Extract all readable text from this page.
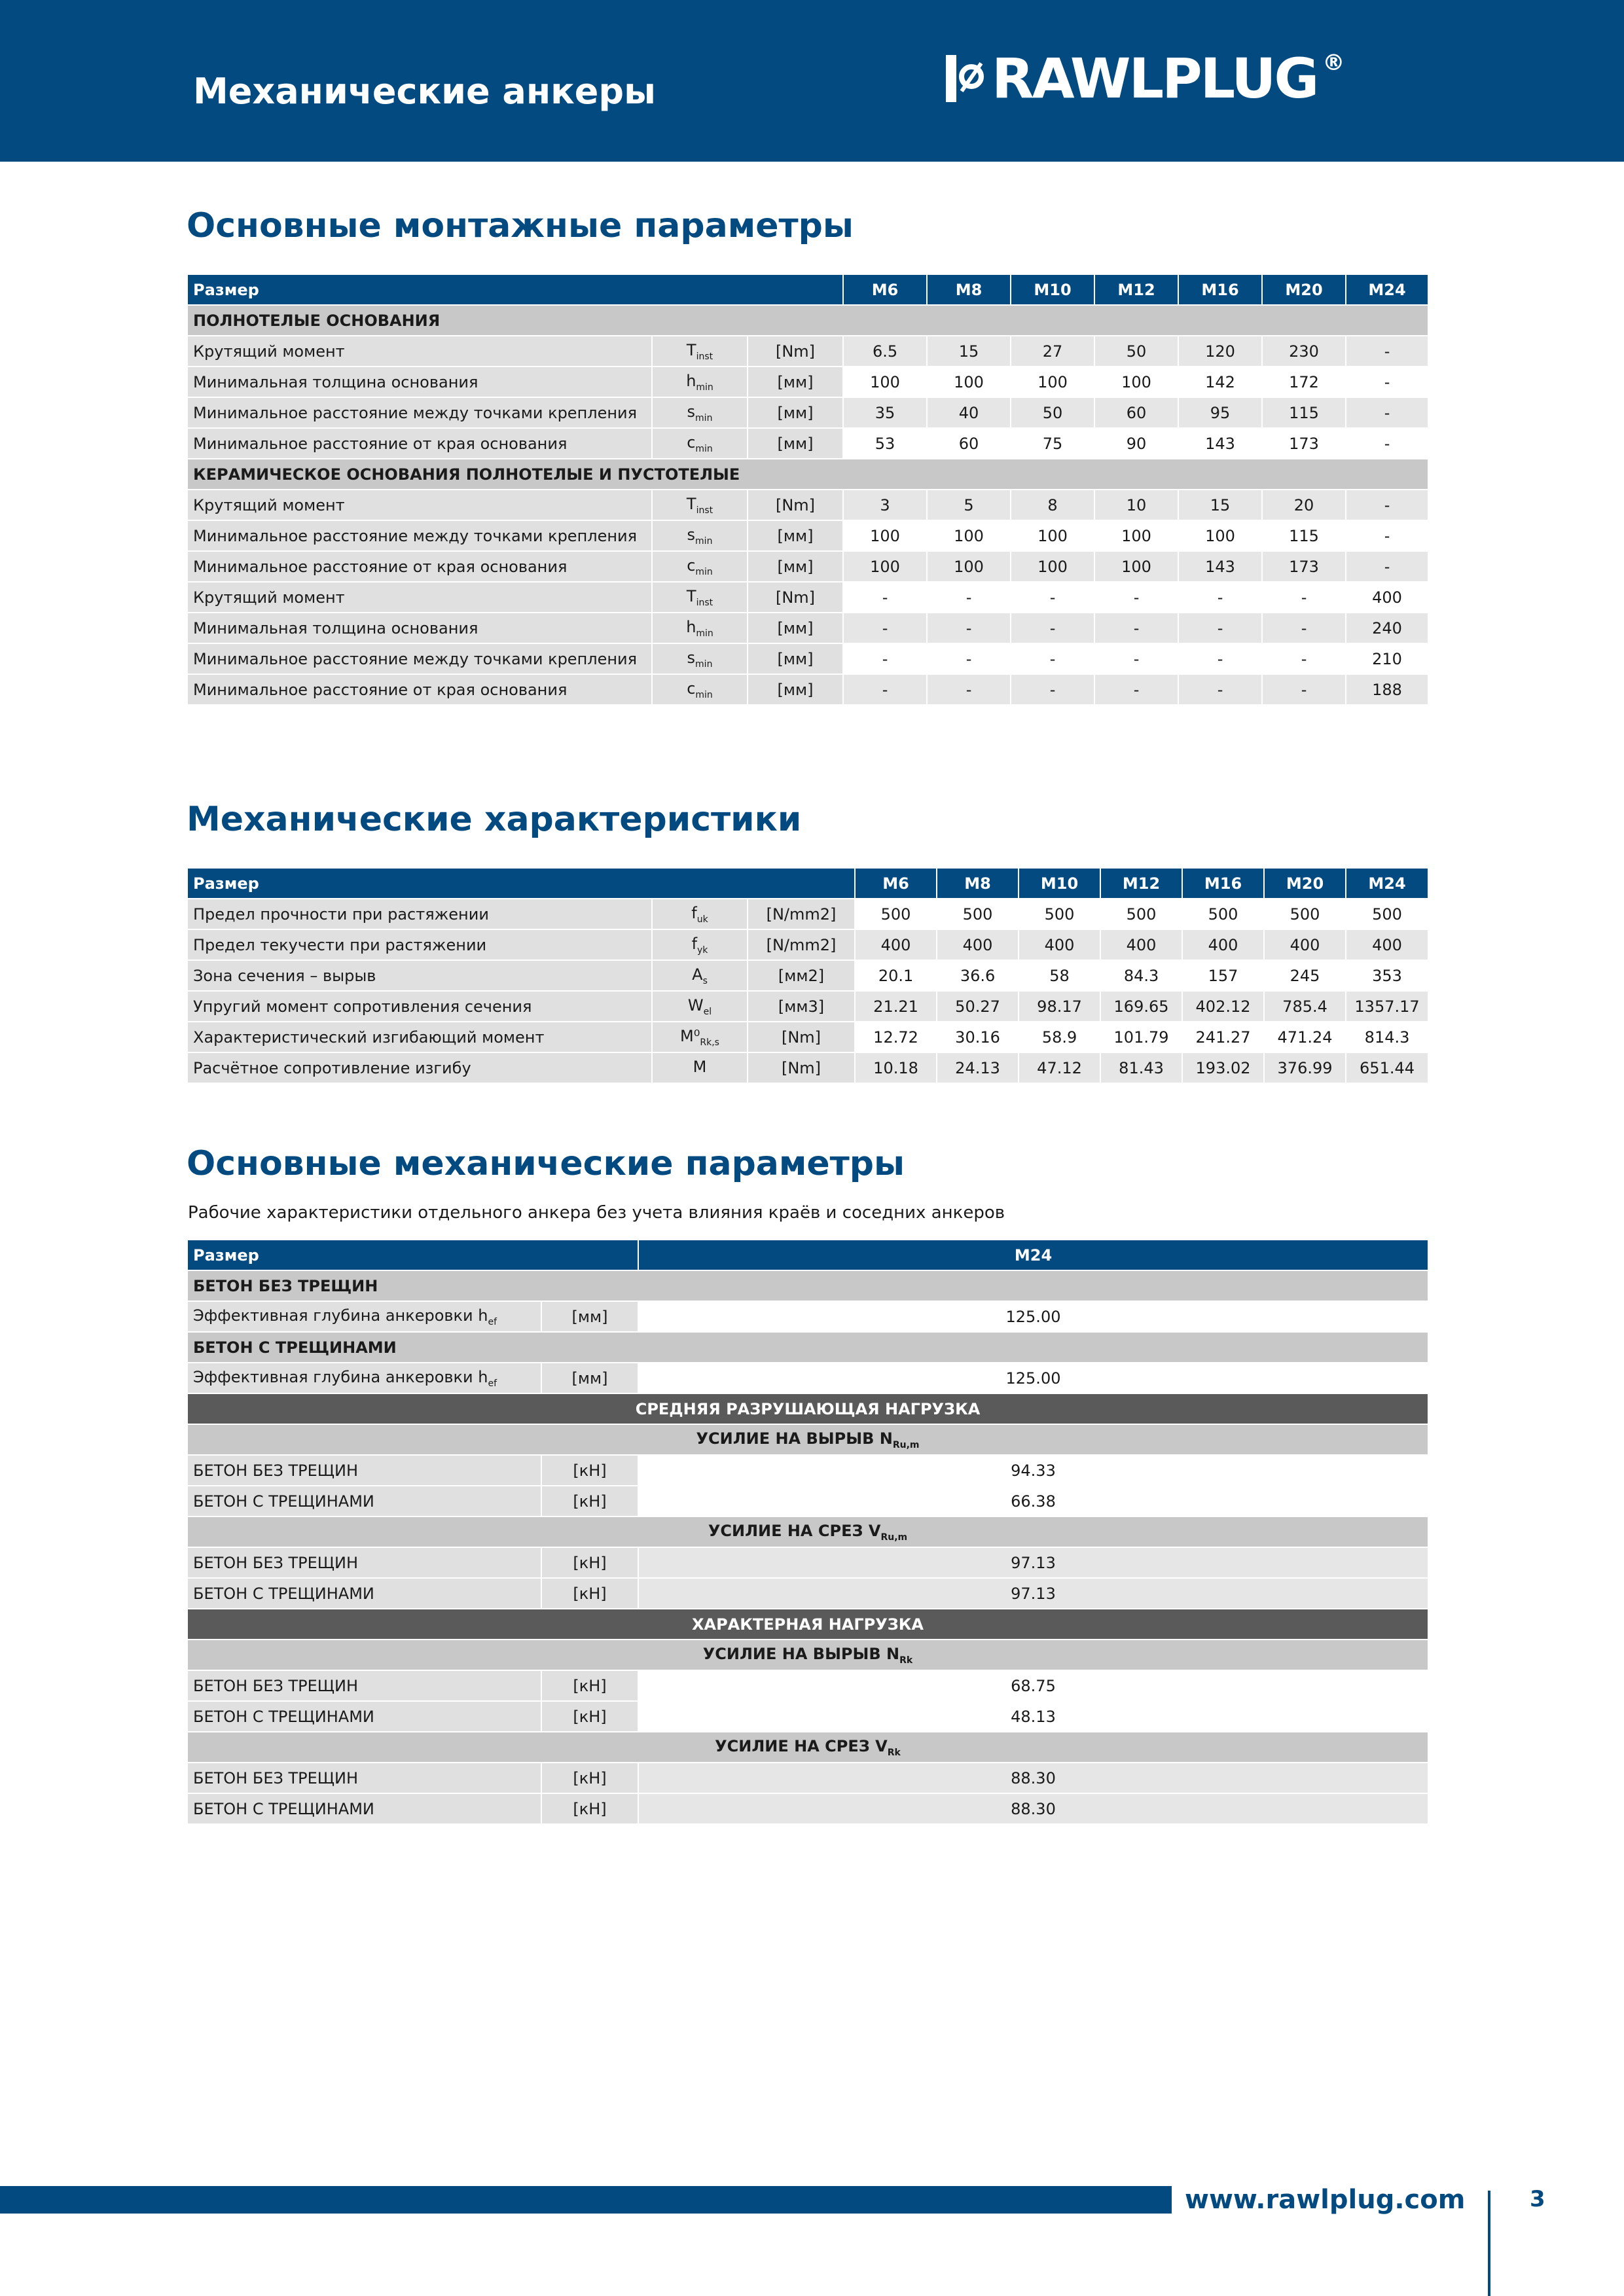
Механические анкеры	RAWLPLUG ®
Основные монтажные параметры
Размер			M6	M8	M10	M12	M16	M20	M24
ПОЛНОТЕЛЫЕ ОСНОВАНИЯ									
Крутящий момент	$T_{inst}$	[Nm]	6.5	15	27	50	120	230	-
Минимальная толщина основания	$h_{min}$	[мм]	100	100	100	100	142	172	-
Минимальное расстояние между точками крепления	$s_{min}$	[мм]	35	40	50	60	95	115	-
Минимальное расстояние от края основания	$c_{min}$	[мм]	53	60	75	90	143	173	-
КЕРАМИЧЕСКОЕ ОСНОВАНИЯ ПОЛНОТЕЛЫЕ И ПУСТОТЕЛЫЕ									
Крутящий момент	$T_{inst}$	[Nm]	3	5	8	10	15	20	-
Минимальное расстояние между точками крепления	$s_{min}$	[мм]	100	100	100	100	100	115	-
Минимальное расстояние от края основания	$c_{min}$	[мм]	100	100	100	100	143	173	-
Крутящий момент	$T_{inst}$	[Nm]	-	-	-	-	-	-	400
Минимальная толщина основания	$h_{min}$	[мм]	-	-	-	-	-	-	240
Минимальное расстояние между точками крепления	$s_{min}$	[мм]	-	-	-	-	-	-	210
Минимальное расстояние от края основания	$c_{min}$	[мм]	-	-	-	-	-	-	188
Механические характеристики
Размер			M6	M8	M10	M12	M16	M20	M24
Предел прочности при растяжении	$f_{uk}$	[N/mm2]	500	500	500	500	500	500	500
Предел текучести при растяжении	$f_{yk}$	[N/mm2]	400	400	400	400	400	400	400
Зона сечения – вырыв	$A_s$	[мм2]	20.1	36.6	58	84.3	157	245	353
Упругий момент сопротивления сечения	$W_{el}$	[мм3]	21.21	50.27	98.17	169.65	402.12	785.4	1357.17
Характеристический изгибающий момент	$M^0_{Rk,s}$	[Nm]	12.72	30.16	58.9	101.79	241.27	471.24	814.3
Расчётное сопротивление изгибу	M	[Nm]	10.18	24.13	47.12	81.43	193.02	376.99	651.44
Основные механические параметры
Рабочие характеристики отдельного анкера без учета влияния краёв и соседних анкеров
Размер		M24
БЕТОН БЕЗ ТРЕЩИН		
Эффективная глубина анкеровки $h_{ef}$	[мм]	125.00
БЕТОН С ТРЕЩИНАМИ		
Эффективная глубина анкеровки $h_{ef}$	[мм]	125.00
СРЕДНЯЯ РАЗРУШАЮЩАЯ НАГРУЗКА		
УСИЛИЕ НА ВЫРЫВ $N_{Ru,m}$
БЕТОН БЕЗ ТРЕЩИН	[кН]	94.33
БЕТОН С ТРЕЩИНАМИ	[кН]	66.38
УСИЛИЕ НА СРЕЗ $V_{Ru,m}$
БЕТОН БЕЗ ТРЕЩИН	[кН]	97.13
БЕТОН С ТРЕЩИНАМИ	[кН]	97.13
ХАРАКТЕРНАЯ НАГРУЗКА		
УСИЛИЕ НА ВЫРЫВ $N_{Rk}$
БЕТОН БЕЗ ТРЕЩИН	[кН]	68.75
БЕТОН С ТРЕЩИНАМИ	[кН]	48.13
УСИЛИЕ НА СРЕЗ $V_{Rk}$
БЕТОН БЕЗ ТРЕЩИН	[кН]	88.30
БЕТОН С ТРЕЩИНАМИ	[кН]	88.30
www.rawlplug.com	3
